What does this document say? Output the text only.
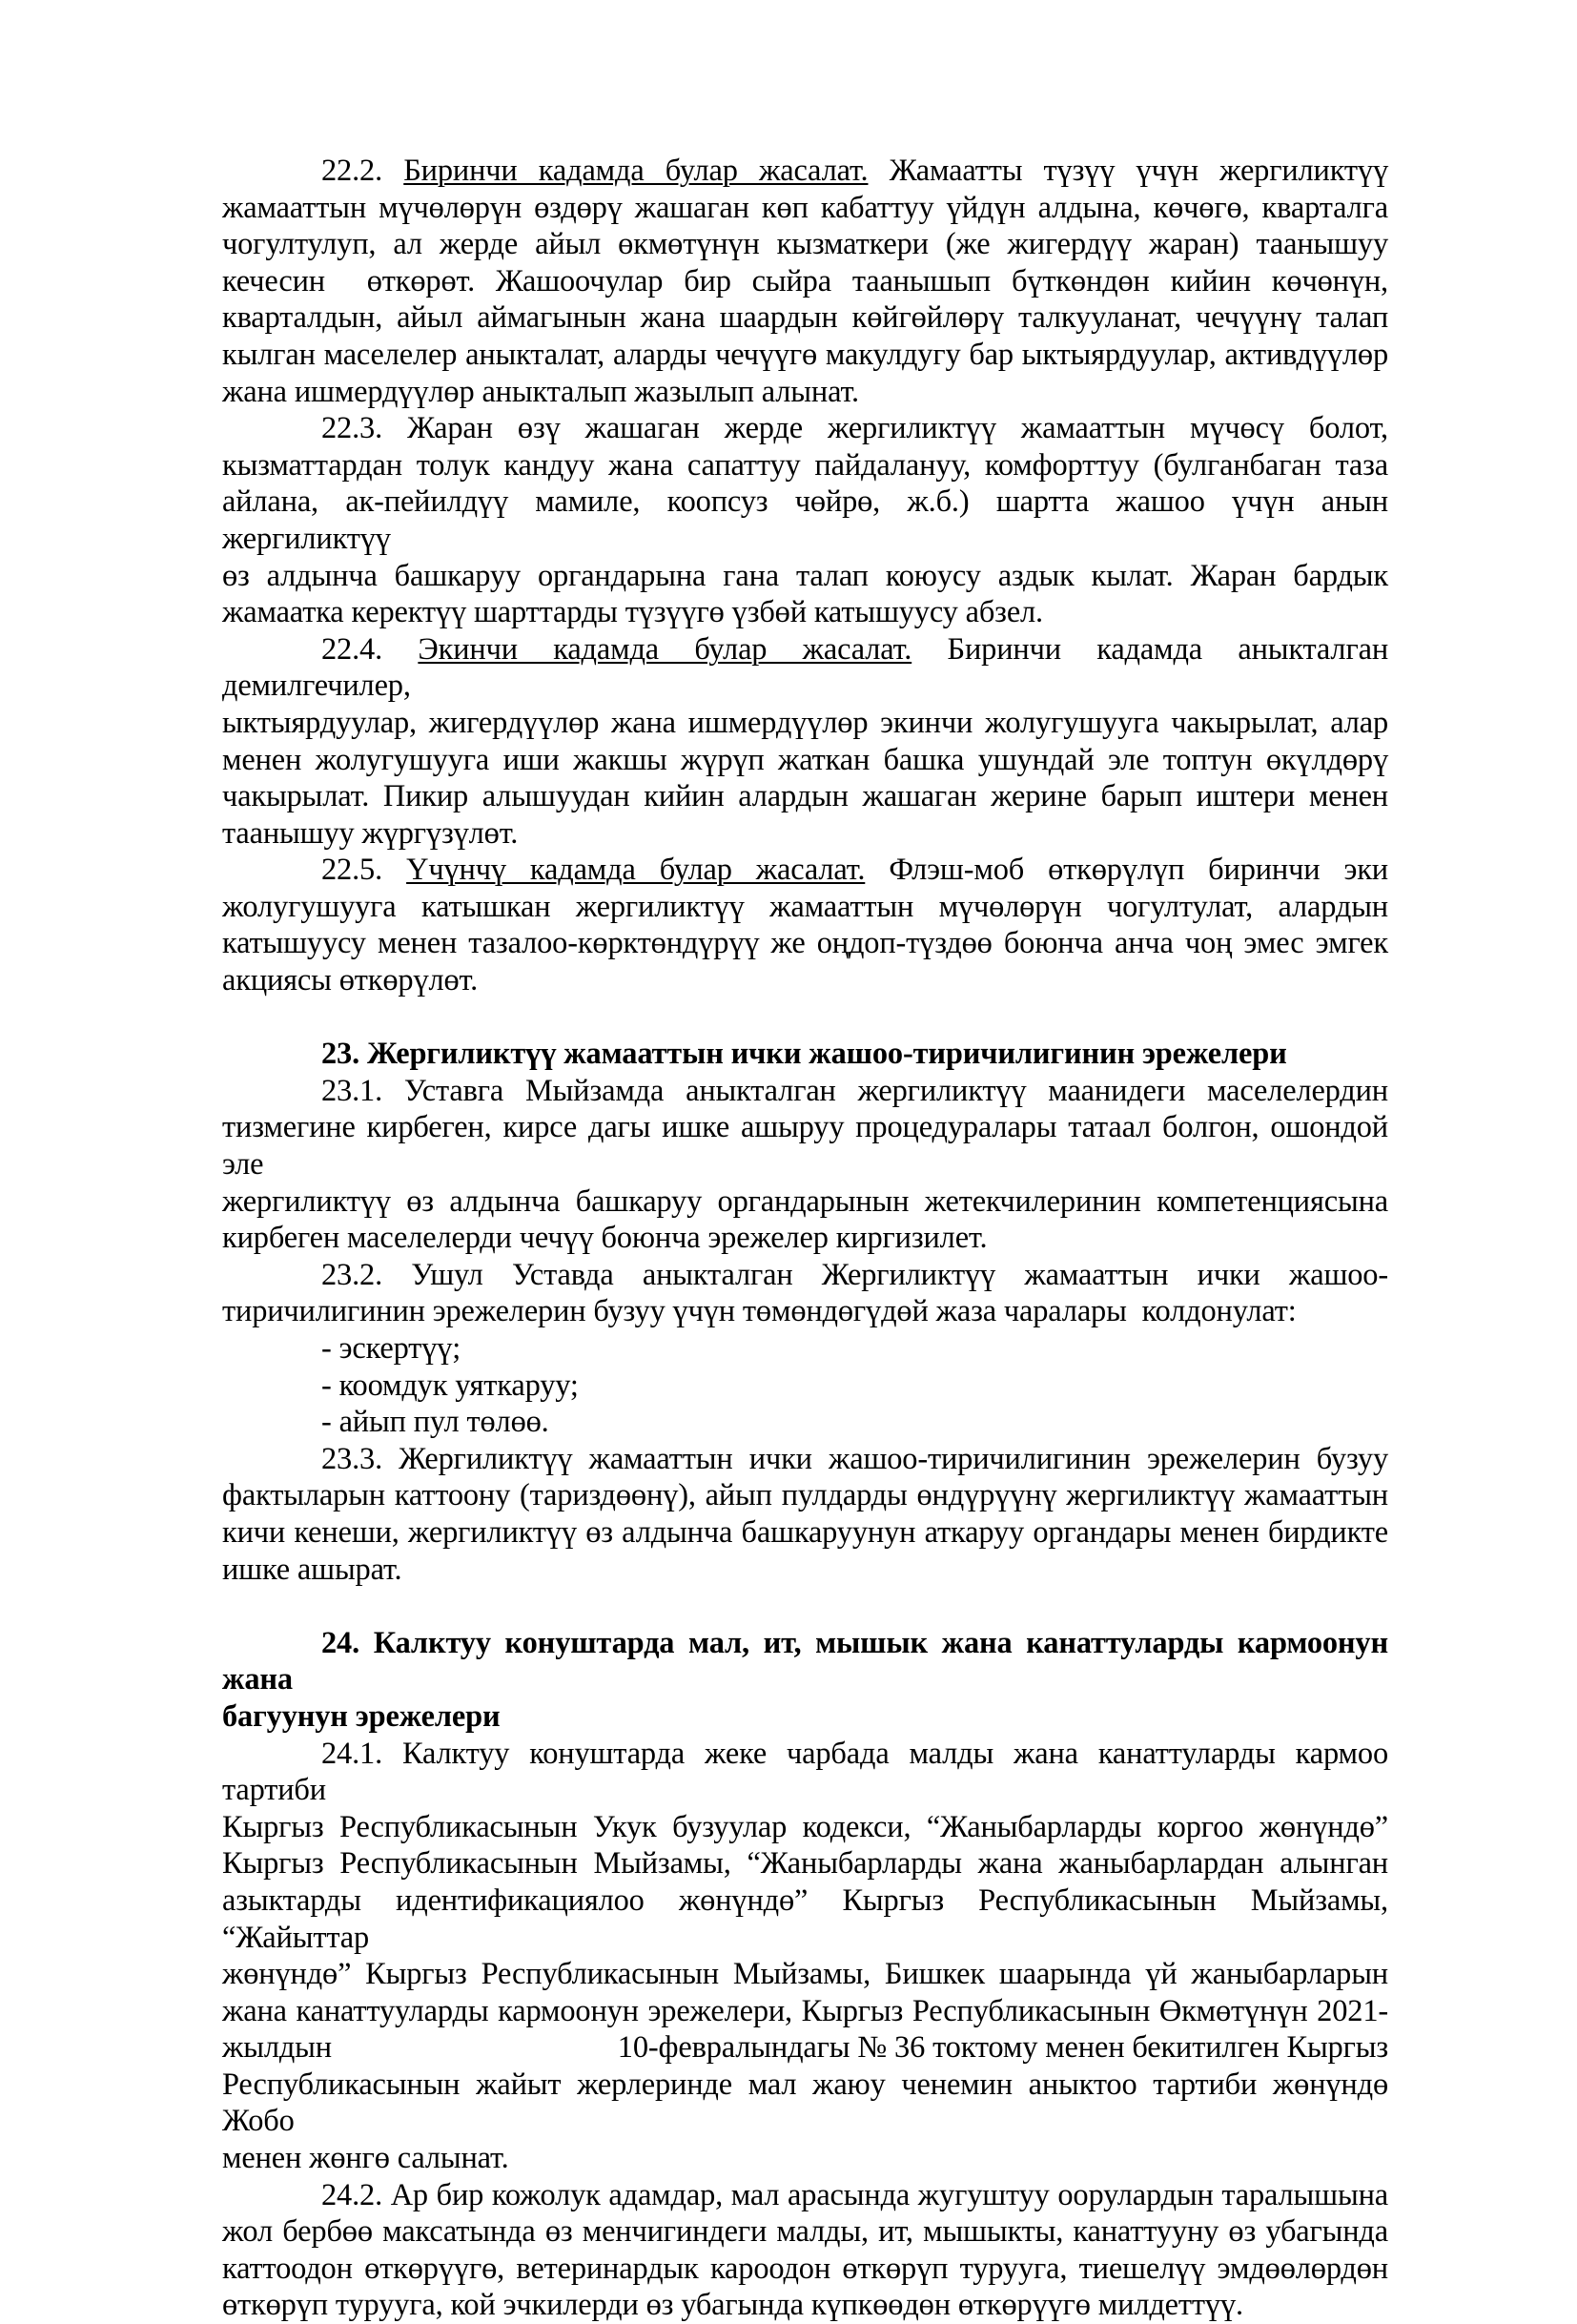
22.2. Биринчи кадамда булар жасалат. Жамаатты түзүү үчүн жергиликтүү
жамааттын мүчөлөрүн өздөрү жашаган көп кабаттуу үйдүн алдына, көчөгө, кварталга
чогултулуп, ал жерде айыл өкмөтүнүн кызматкери (же жигердүү жаран) таанышуу
кечесин  өткөрөт. Жашоочулар бир сыйра таанышып бүткөндөн кийин көчөнүн,
кварталдын, айыл аймагынын жана шаардын көйгөйлөрү талкууланат, чечүүнү талап
кылган маселелер аныкталат, аларды чечүүгө макулдугу бар ыктыярдуулар, активдүүлөр
жана ишмердүүлөр аныкталып жазылып алынат.
22.3. Жаран өзү жашаган жерде жергиликтүү жамааттын мүчөсү болот,
кызматтардан толук кандуу жана сапаттуу пайдалануу, комфорттуу (булганбаган таза
айлана, ак-пейилдүү мамиле, коопсуз чөйрө, ж.б.) шартта жашоо үчүн анын жергиликтүү
өз алдынча башкаруу органдарына гана талап коюусу аздык кылат. Жаран бардык
жамаатка керектүү шарттарды түзүүгө үзбөй катышуусу абзел.
22.4. Экинчи кадамда булар жасалат. Биринчи кадамда аныкталган демилгечилер,
ыктыярдуулар, жигердүүлөр жана ишмердүүлөр экинчи жолугушууга чакырылат, алар
менен жолугушууга иши жакшы жүрүп жаткан башка ушундай эле топтун өкүлдөрү
чакырылат. Пикир алышуудан кийин алардын жашаган жерине барып иштери менен
таанышуу жүргүзүлөт.
22.5. Үчүнчү кадамда булар жасалат. Флэш-моб өткөрүлүп биринчи эки
жолугушууга катышкан жергиликтүү жамааттын мүчөлөрүн чогултулат, алардын
катышуусу менен тазалоо-көрктөндүрүү же оңдоп-түздөө боюнча анча чоң эмес эмгек
акциясы өткөрүлөт.
23. Жергиликтүү жамааттын ички жашоо-тиричилигинин эрежелери
23.1. Уставга Мыйзамда аныкталган жергиликтүү маанидеги маселелердин
тизмегине кирбеген, кирсе дагы ишке ашыруу процедуралары татаал болгон, ошондой эле
жергиликтүү өз алдынча башкаруу органдарынын жетекчилеринин компетенциясына
кирбеген маселелерди чечүү боюнча эрежелер киргизилет.
23.2. Ушул Уставда аныкталган Жергиликтүү жамааттын ички жашоо-
тиричилигинин эрежелерин бузуу үчүн төмөндөгүдөй жаза чаралары  колдонулат:
- эскертүү;
- коомдук уяткаруу;
- айып пул төлөө.
23.3. Жергиликтүү жамааттын ички жашоо-тиричилигинин эрежелерин бузуу
фактыларын каттоону (тариздөөнү), айып пулдарды өндүрүүнү жергиликтүү жамааттын
кичи кенеши, жергиликтүү өз алдынча башкаруунун аткаруу органдары менен бирдикте
ишке ашырат.
24. Калктуу конуштарда мал, ит, мышык жана канаттуларды кармоонун жана
багуунун эрежелери
24.1. Калктуу конуштарда жеке чарбада малды жана канаттуларды кармоо тартиби
Кыргыз Республикасынын Укук бузуулар кодекси, “Жаныбарларды коргоо жөнүндө”
Кыргыз Республикасынын Мыйзамы, “Жаныбарларды жана жаныбарлардан алынган
азыктарды идентификациялоо жөнүндө” Кыргыз Республикасынын Мыйзамы, “Жайыттар
жөнүндө” Кыргыз Республикасынын Мыйзамы, Бишкек шаарында үй жаныбарларын
жана канаттууларды кармоонун эрежелери, Кыргыз Республикасынын Өкмөтүнүн 2021-
жылдын	10-февралындагы № 36 токтому менен бекитилген Кыргыз
Республикасынын жайыт жерлеринде мал жаюу ченемин аныктоо тартиби жөнүндө Жобо
менен жөнгө салынат.
24.2. Ар бир кожолук адамдар, мал арасында жугуштуу оорулардын таралышына
жол бербөө максатында өз менчигиндеги малды, ит, мышыкты, канаттууну өз убагында
каттоодон өткөрүүгө, ветеринардык кароодон өткөрүп турууга, тиешелүү эмдөөлөрдөн
өткөрүп турууга, кой эчкилерди өз убагында күпкөөдөн өткөрүүгө милдеттүү.
